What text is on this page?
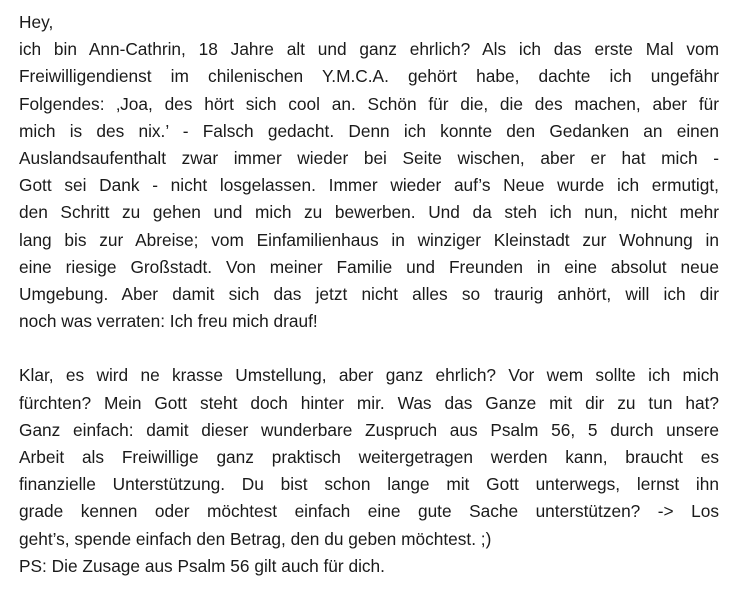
Hey,
ich bin Ann-Cathrin, 18 Jahre alt und ganz ehrlich? Als ich das erste Mal vom
Freiwilligendienst im chilenischen Y.M.C.A. gehört habe, dachte ich ungefähr
Folgendes: ‚Joa, des hört sich cool an. Schön für die, die des machen, aber für
mich is des nix.’ - Falsch gedacht. Denn ich konnte den Gedanken an einen
Auslandsaufenthalt zwar immer wieder bei Seite wischen, aber er hat mich -
Gott sei Dank - nicht losgelassen. Immer wieder auf’s Neue wurde ich ermutigt,
den Schritt zu gehen und mich zu bewerben. Und da steh ich nun, nicht mehr
lang bis zur Abreise; vom Einfamilienhaus in winziger Kleinstadt zur Wohnung in
eine riesige Großstadt. Von meiner Familie und Freunden in eine absolut neue
Umgebung. Aber damit sich das jetzt nicht alles so traurig anhört, will ich dir
noch was verraten: Ich freu mich drauf!
Klar, es wird ne krasse Umstellung, aber ganz ehrlich? Vor wem sollte ich mich
fürchten? Mein Gott steht doch hinter mir. Was das Ganze mit dir zu tun hat?
Ganz einfach: damit dieser wunderbare Zuspruch aus Psalm 56, 5 durch unsere
Arbeit als Freiwillige ganz praktisch weitergetragen werden kann, braucht es
finanzielle Unterstützung. Du bist schon lange mit Gott unterwegs, lernst ihn
grade kennen oder möchtest einfach eine gute Sache unterstützen? -> Los
geht’s, spende einfach den Betrag, den du geben möchtest. ;)
PS: Die Zusage aus Psalm 56 gilt auch für dich.
